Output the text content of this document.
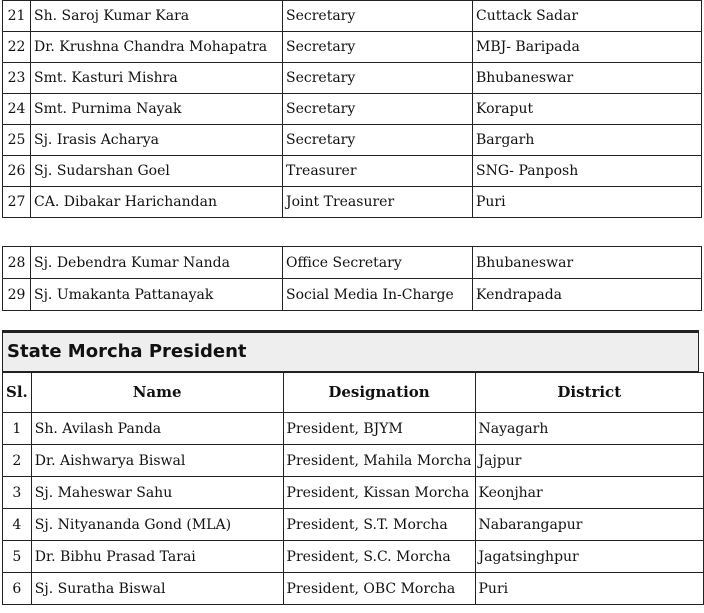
21	Sh. Saroj Kumar Kara	Secretary	Cuttack Sadar
22	Dr. Krushna Chandra Mohapatra	Secretary	MBJ- Baripada
23	Smt. Kasturi Mishra	Secretary	Bhubaneswar
24	Smt. Purnima Nayak	Secretary	Koraput
25	Sj. Irasis Acharya	Secretary	Bargarh
26	Sj. Sudarshan Goel	Treasurer	SNG- Panposh
27	CA. Dibakar Harichandan	Joint Treasurer	Puri
28	Sj. Debendra Kumar Nanda	Office Secretary	Bhubaneswar
29	Sj. Umakanta Pattanayak	Social Media In-Charge	Kendrapada
State Morcha President
Sl.	Name	Designation	District
1	Sh. Avilash Panda	President, BJYM	Nayagarh
2	Dr. Aishwarya Biswal	President, Mahila Morcha	Jajpur
3	Sj. Maheswar Sahu	President, Kissan Morcha	Keonjhar
4	Sj. Nityananda Gond (MLA)	President, S.T. Morcha	Nabarangapur
5	Dr. Bibhu Prasad Tarai	President, S.C. Morcha	Jagatsinghpur
6	Sj. Suratha Biswal	President, OBC Morcha	Puri
